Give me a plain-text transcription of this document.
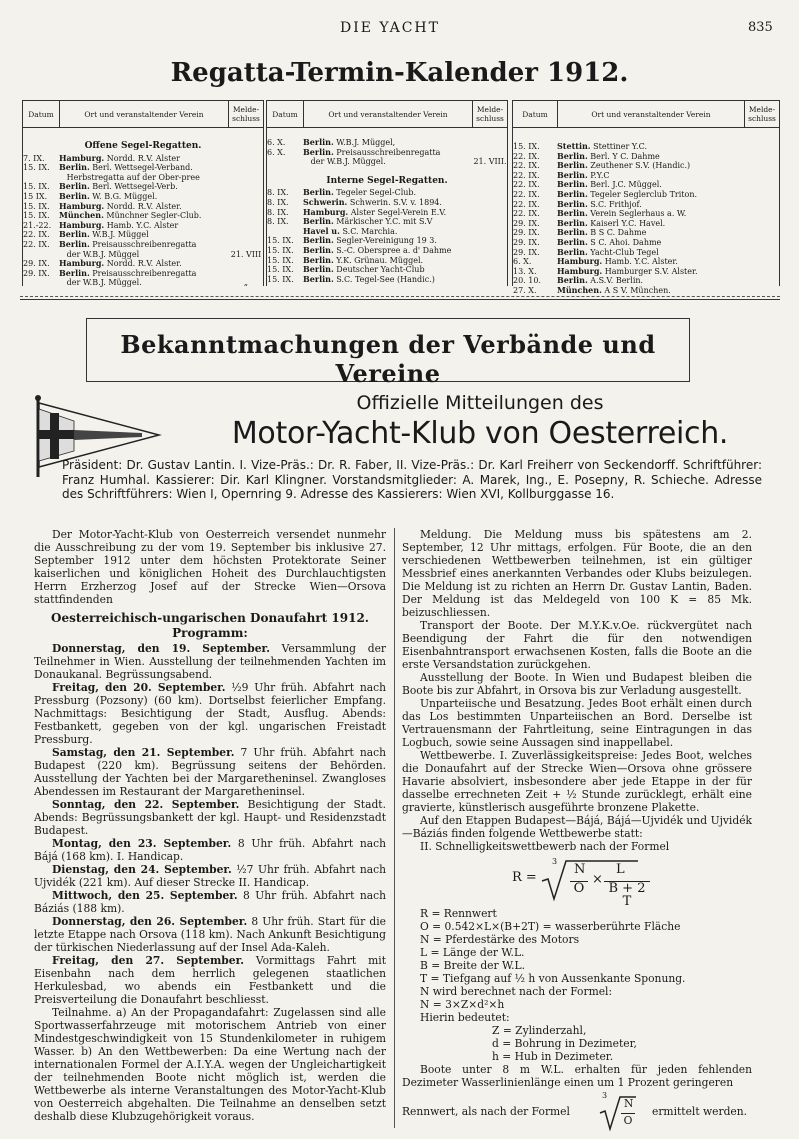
DIE YACHT	835
Regatta-Termin-Kalender 1912.
Datum	Ort und veranstaltender Verein	Melde-schluss
Offene Segel-Regatten.
7. IX.	Hamburg. Nordd. R.V. Alster
15. IX.	Berlin. Berl. Wettsegel-Verband.
Herbstregatta auf der Ober-pree
15. IX.	Berlin. Berl. Wettsegel-Verb.
15 IX.	Berlin. W. B.G. Müggel.
15. IX.	Hamburg. Nordd. R.V. Alster.
15. IX.	München. Münchner Segler-Club.
21.-22. Hamburg. Hamb. Y.C. Alster
22. IX.	Berlin. W.B.J. Müggel
22. IX.	Berlin. Preisausschreibenregatta
der W.B.J. Müggel	21. VIII
29. IX.	Hamburg. Nordd. R.V. Alster.
29. IX.	Berlin. Preisausschreibenregatta
der W.B.J. Müggel.	„
Datum	Ort und veranstaltender Verein	Melde-schluss
6. X.	Berlin. W.B.J. Müggel,
6. X.	Berlin. Preisausschreibenregatta
der W.B.J. Müggel.	21. VIII.
Interne Segel-Regatten.
8. IX.	Berlin. Tegeler Segel-Club.
8. IX.	Schwerin. Schwerin. S.V. v. 1894.
8. IX.	Hamburg. Alster Segel-Verein E.V.
8. IX.	Berlin. Märkischer Y.C. mit S.V
Havel u. S.C. Marchia.
15. IX.	Berlin. Segler-Vereinigung 19 3.
15. IX.	Berlin. S.-C. Oberspree a. d' Dahme
15. IX.	Berlin. Y.K. Grünau. Müggel.
15. IX.	Berlin. Deutscher Yacht-Club
15. IX.	Berlin. S.C. Tegel-See (Handic.)
Datum	Ort und veranstaltender Verein	Melde-schluss
15. IX.	Stettin. Stettiner Y.C.
22. IX.	Berlin. Berl. Y C. Dahme
22. IX.	Berlin. Zeuthener S.V. (Handic.)
22. IX.	Berlin. P.Y.C
22. IX.	Berlin. Berl. J.C. Müggel.
22. IX.	Berlin. Tegeler Seglerclub Triton.
22. IX.	Berlin. S.C. Frithjof.
22. IX.	Berlin. Verein Seglerhaus a. W.
29. IX.	Berlin. Kaiserl Y.C. Havel.
29. IX.	Berlin. B S C. Dahme
29. IX.	Berlin. S C. Ahoi. Dahme
29. IX.	Berlin. Yacht-Club Tegel
6. X.	Hamburg. Hamb. Y.C. Alster.
13. X.	Hamburg. Hamburger S.V. Alster.
20. 10.	Berlin. A.S.V. Berlin.
27. X.	München. A S V. München.
Bekanntmachungen der Verbände und Vereine
Offizielle Mitteilungen des
Motor-Yacht-Klub von Oesterreich.

Präsident: Dr. Gustav Lantin. I. Vize-Präs.: Dr. R. Faber, II. Vize-Präs.: Dr. Karl Freiherr von Seckendorff. Schriftführer: Franz Humhal. Kassierer: Dir. Karl Klingner. Vorstandsmitglieder: A. Marek, Ing., E. Posepny, R. Schieche. Adresse des Schriftführers: Wien I, Opernring 9. Adresse des Kassierers: Wien XVI, Kollburggasse 16.

Der Motor-Yacht-Klub von Oesterreich versendet nunmehr die Ausschreibung zu der vom 19. September bis inklusive 27. September 1912 unter dem höchsten Protektorate Seiner kaiserlichen und königlichen Hoheit des Durchlauchtigsten Herrn Erzherzog Josef auf der Strecke Wien—Orsova stattfindenden

Oesterreichisch-ungarischen Donaufahrt 1912.
Programm:

Donnerstag, den 19. September. Versammlung der Teilnehmer in Wien. Ausstellung der teilnehmenden Yachten im Donaukanal. Begrüssungsabend.

Freitag, den 20. September. ½9 Uhr früh. Abfahrt nach Pressburg (Pozsony) (60 km). Dortselbst feierlicher Empfang. Nachmittags: Besichtigung der Stadt, Ausflug. Abends: Festbankett, gegeben von der kgl. ungarischen Freistadt Pressburg.

Samstag, den 21. September. 7 Uhr früh. Abfahrt nach Budapest (220 km). Begrüssung seitens der Behörden. Ausstellung der Yachten bei der Margaretheninsel. Zwangloses Abendessen im Restaurant der Margaretheninsel.

Sonntag, den 22. September. Besichtigung der Stadt. Abends: Begrüssungsbankett der kgl. Haupt- und Residenzstadt Budapest.

Montag, den 23. September. 8 Uhr früh. Abfahrt nach Bájá (168 km). I. Handicap.

Dienstag, den 24. September. ½7 Uhr früh. Abfahrt nach Ujvidék (221 km). Auf dieser Strecke II. Handicap.

Mittwoch, den 25. September. 8 Uhr früh. Abfahrt nach Báziás (188 km).

Donnerstag, den 26. September. 8 Uhr früh. Start für die letzte Etappe nach Orsova (118 km). Nach Ankunft Besichtigung der türkischen Niederlassung auf der Insel Ada-Kaleh.

Freitag, den 27. September. Vormittags Fahrt mit Eisenbahn nach dem herrlich gelegenen staatlichen Herkulesbad, wo abends ein Festbankett und die Preisverteilung die Donaufahrt beschliesst.

Teilnahme. a) An der Propagandafahrt: Zugelassen sind alle Sportwasserfahrzeuge mit motorischem Antrieb von einer Mindestgeschwindigkeit von 15 Stundenkilometer in ruhigem Wasser. b) An den Wettbewerben: Da eine Wertung nach der internationalen Formel der A.I.Y.A. wegen der Ungleichartigkeit der teilnehmenden Boote nicht möglich ist, werden die Wettbewerbe als interne Veranstaltungen des Motor-Yacht-Klub von Oesterreich abgehalten. Die Teilnahme an denselben setzt deshalb diese Klubzugehörigkeit voraus.

Meldung. Die Meldung muss bis spätestens am 2. September, 12 Uhr mittags, erfolgen. Für Boote, die an den verschiedenen Wettbewerben teilnehmen, ist ein gültiger Messbrief eines anerkannten Verbandes oder Klubs beizulegen. Die Meldung ist zu richten an Herrn Dr. Gustav Lantin, Baden. Der Meldung ist das Meldegeld von 100 K = 85 Mk. beizuschliessen.

Transport der Boote. Der M.Y.K.v.Oe. rückvergütet nach Beendigung der Fahrt die für den notwendigen Eisenbahntransport erwachsenen Kosten, falls die Boote an die erste Versandstation zurückgehen.

Ausstellung der Boote. In Wien und Budapest bleiben die Boote bis zur Abfahrt, in Orsova bis zur Verladung ausgestellt.

Unparteiische und Besatzung. Jedes Boot erhält einen durch das Los bestimmten Unparteiischen an Bord. Derselbe ist Vertrauensmann der Fahrtleitung, seine Eintragungen in das Logbuch, sowie seine Aussagen sind inappellabel.

Wettbewerbe. I. Zuverlässigkeitspreise: Jedes Boot, welches die Donaufahrt auf der Strecke Wien—Orsova ohne grössere Havarie absolviert, insbesondere aber jede Etappe in der für dasselbe errechneten Zeit + ½ Stunde zurücklegt, erhält eine gravierte, künstlerisch ausgeführte bronzene Plakette.

Auf den Etappen Budapest—Bájá, Bájá—Ujvidék und Ujvidék—Báziás finden folgende Wettbewerbe statt:

II. Schnelligkeitswettbewerb nach der Formel

R =
3
N
O
×
L
B + 2 T

R = Rennwert

O = 0.542×L×(B+2T) = wasserberührte Fläche

N = Pferdestärke des Motors

L = Länge der W.L.

B = Breite der W.L.

T = Tiefgang auf ½ h von Aussenkante Sponung.

N wird berechnet nach der Formel:

N = 3×Z×d²×h

Hierin bedeutet:

Z = Zylinderzahl,

d = Bohrung in Dezimeter,

h = Hub in Dezimeter.

Boote unter 8 m W.L. erhalten für jeden fehlenden Dezimeter Wasserlinienlänge einen um 1 Prozent geringeren

Rennwert, als nach der Formel
3
N
O
ermittelt werden.
